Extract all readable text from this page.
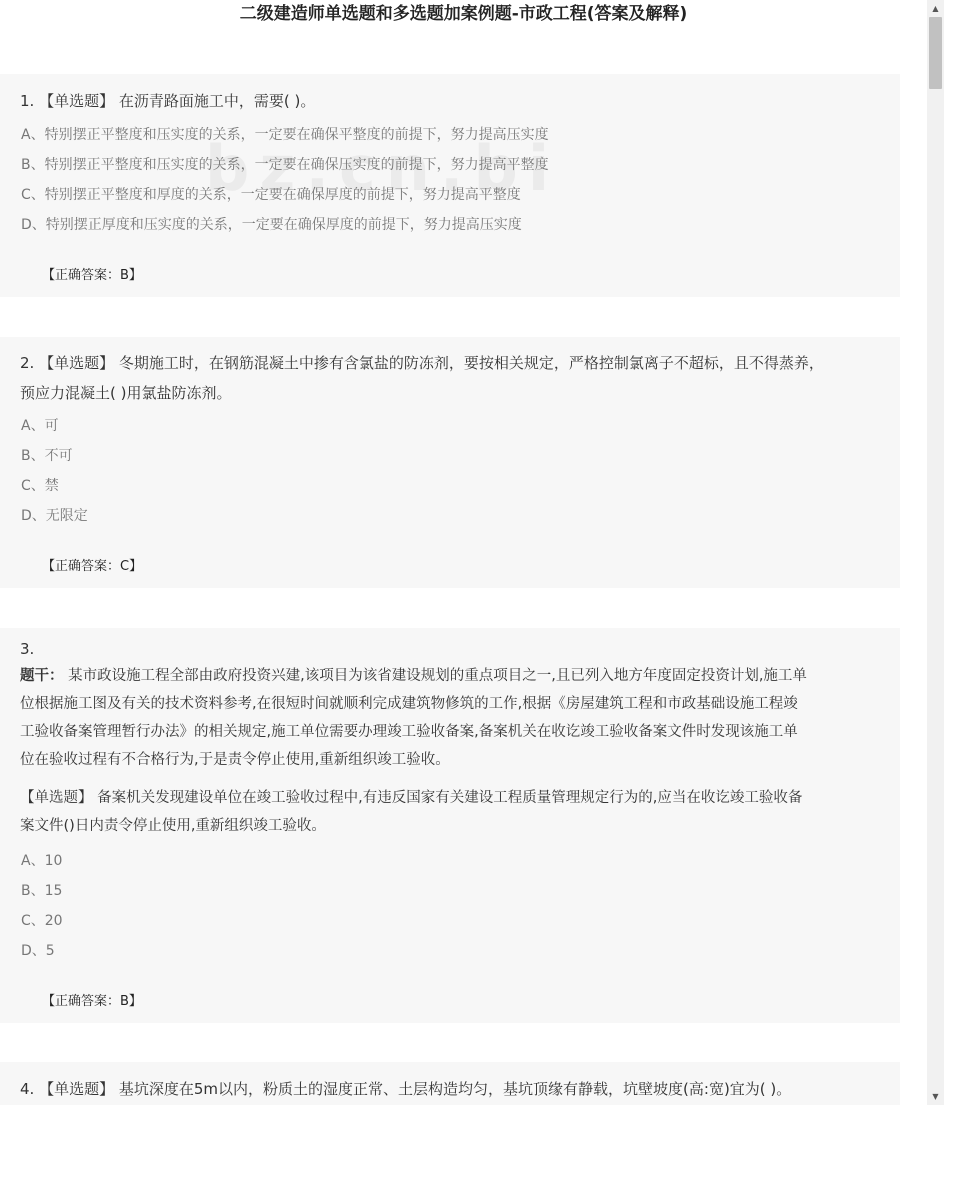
二级建造师单选题和多选题加案例题-市政工程(答案及解释)
1. 【单选题】 在沥青路面施工中，需要( )。
A、特别摆正平整度和压实度的关系，一定要在确保平整度的前提下，努力提高压实度
B、特别摆正平整度和压实度的关系，一定要在确保压实度的前提下，努力提高平整度
C、特别摆正平整度和厚度的关系，一定要在确保厚度的前提下，努力提高平整度
D、特别摆正厚度和压实度的关系，一定要在确保厚度的前提下，努力提高压实度
【正确答案：B】
2. 【单选题】 冬期施工时，在钢筋混凝土中掺有含氯盐的防冻剂，要按相关规定，严格控制氯离子不超标，且不得蒸养，
预应力混凝土( )用氯盐防冻剂。
A、可
B、不可
C、禁
D、无限定
【正确答案：C】
3.
题干： 某市政设施工程全部由政府投资兴建,该项目为该省建设规划的重点项目之一,且已列入地方年度固定投资计划,施工单
位根据施工图及有关的技术资料参考,在很短时间就顺利完成建筑物修筑的工作,根据《房屋建筑工程和市政基础设施工程竣
工验收备案管理暂行办法》的相关规定,施工单位需要办理竣工验收备案,备案机关在收讫竣工验收备案文件时发现该施工单
位在验收过程有不合格行为,于是责令停止使用,重新组织竣工验收。
【单选题】 备案机关发现建设单位在竣工验收过程中,有违反国家有关建设工程质量管理规定行为的,应当在收讫竣工验收备
案文件()日内责令停止使用,重新组织竣工验收。
A、10
B、15
C、20
D、5
【正确答案：B】
4. 【单选题】 基坑深度在5m以内，粉质土的湿度正常、土层构造均匀，基坑顶缘有静载，坑壁坡度(高:宽)宜为( )。
▲
▼
